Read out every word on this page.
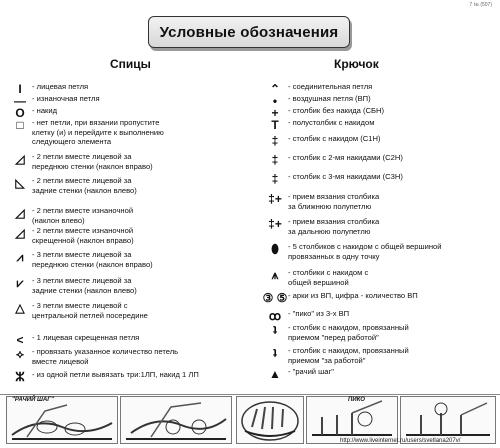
7 № (507)
Условные обозначения
Спицы	Крючок
I	- лицевая петля
— - изнаночная петля
O - накид
□	- нет петли, при вязании пропустите
клетку (и) и перейдите к выполнению
следующего элемента
◿ - 2 петли вместе лицевой за
переднюю стенки (наклон вправо)
◺ - 2 петли вместе лицевой за
задние стенки (наклон влево)
◿ - 2 петли вместе изнаночной
(наклон влево)
◿ - 2 петли вместе изнаночной
скрещенной (наклон вправо)
⩘	- 3 петли вместе лицевой за
переднюю стенки (наклон вправо)
⩗	- 3 петли вместе лицевой за
задние стенки (наклон влево)
△ - 3 петли вместе лицевой с
центральной петлей посередине
<	- 1 лицевая скрещенная петля
⟡	- провязать указанное количество петель
вместе лицевой
ⵣ - из одной петли вывязать три:1ЛП, накид 1 ЛП
⌃	- соединительная петля
•	- воздушная петля (ВП)
+	- столбик без накида (СБН)
T	- полустолбик с накидом
‡	- столбик с накидом (С1Н)
‡	- столбик с 2-мя накидами (С2Н)
‡	- столбик с 3-мя накидами (С3Н)
‡+ - прием вязания столбика
за ближнюю полупетлю
‡+ - прием вязания столбика
за дальнюю полупетлю
⬮	- 5 столбиков с накидом с общей вершиной
провязанных в одну точку
⩚	- столбики с накидом с
общей вершиной
③ ⑤ - арки из ВП, цифра - количество ВП
ꝏ - "пико" из 3-х ВП
ʇ	- столбик с накидом, провязанный
приемом "перед работой"
ʇ	- столбик с накидом, провязанный
приемом "за работой"
▲ - "рачий шаг"
"РАЧИЙ ШАГ"	ПИКО
http://www.liveinternet.ru/users/svetlana207v/
